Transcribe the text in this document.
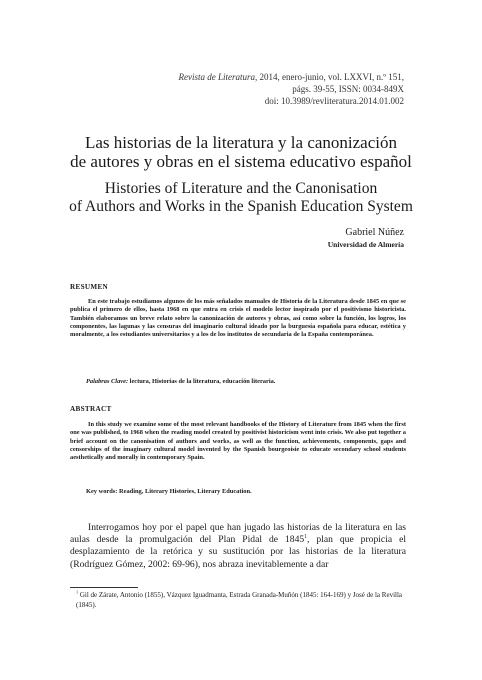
Revista de Literatura, 2014, enero-junio, vol. LXXVI, n.º 151,
págs. 39-55, ISSN: 0034-849X
doi: 10.3989/revliteratura.2014.01.002
Las historias de la literatura y la canonización
de autores y obras en el sistema educativo español
Histories of Literature and the Canonisation
of Authors and Works in the Spanish Education System
Gabriel Núñez
Universidad de Almería
RESUMEN
En este trabajo estudiamos algunos de los más señalados manuales de Historia de la Literatura desde 1845 en que se publica el primero de ellos, hasta 1968 en que entra en crisis el modelo lector inspirado por el positivismo historicista. También elaboramos un breve relato sobre la canonización de autores y obras, así como sobre la función, los logros, los componentes, las lagunas y las censuras del imaginario cultural ideado por la burguesía española para educar, estética y moralmente, a los estudiantes universitarios y a los de los institutos de secundaria de la España contemporánea.
Palabras Clave: lectura, Historias de la literatura, educación literaria.
ABSTRACT
In this study we examine some of the most relevant handbooks of the History of Literature from 1845 when the first one was published, to 1968 when the reading model created by positivist historicism went into crisis. We also put together a brief account on the canonisation of authors and works, as well as the function, achievements, components, gaps and censorships of the imaginary cultural model invented by the Spanish bourgeoisie to educate secondary school students aesthetically and morally in contemporary Spain.
Key words: Reading, Literary Histories, Literary Education.
Interrogamos hoy por el papel que han jugado las historias de la literatura en las aulas desde la promulgación del Plan Pidal de 1845$^1$, plan que propicia el desplazamiento de la retórica y su sustitución por las historias de la literatura (Rodríguez Gómez, 2002: 69-96), nos abraza inevitablemente a dar
$^1$ Gil de Zárate, Antonio (1855), Vázquez Iguadmanta, Estrada Granada-Muñón (1845: 164-169) y José de la Revilla (1845).
